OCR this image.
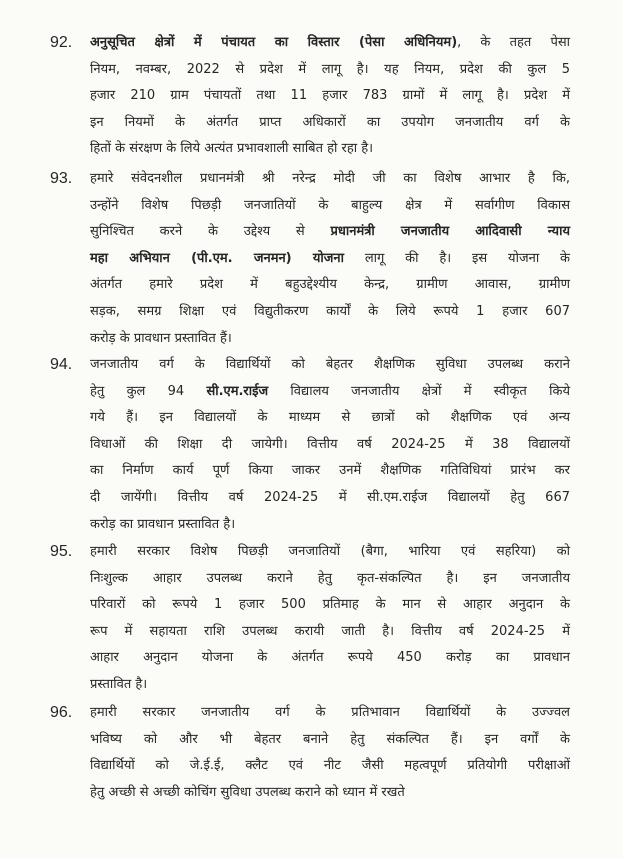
92. अनुसूचित क्षेत्रों में पंचायत का विस्तार (पेसा अधिनियम), के तहत पेसा
नियम, नवम्बर, 2022 से प्रदेश में लागू है। यह नियम, प्रदेश की कुल 5
हजार 210 ग्राम पंचायतों तथा 11 हजार 783 ग्रामों में लागू है। प्रदेश में
इन नियमों के अंतर्गत प्राप्त अधिकारों का उपयोग जनजातीय वर्ग के
हितों के संरक्षण के लिये अत्यंत प्रभावशाली साबित हो रहा है।
93. हमारे संवेदनशील प्रधानमंत्री श्री नरेन्द्र मोदी जी का विशेष आभार है कि,
उन्होंने विशेष पिछड़ी जनजातियों के बाहुल्य क्षेत्र में सर्वागीण विकास
सुनिश्चित करने के उद्देश्य से प्रधानमंत्री जनजातीय आदिवासी न्याय
महा अभियान (पी.एम. जनमन) योजना लागू की है। इस योजना के
अंतर्गत हमारे प्रदेश में बहुउद्देश्यीय केन्द्र, ग्रामीण आवास, ग्रामीण
सड़क, समग्र शिक्षा एवं विद्युतीकरण कार्यों के लिये रूपये 1 हजार 607
करोड़ के प्रावधान प्रस्तावित हैं।
94. जनजातीय वर्ग के विद्यार्थियों को बेहतर शैक्षणिक सुविधा उपलब्ध कराने
हेतु कुल 94 सी.एम.राईज विद्यालय जनजातीय क्षेत्रों में स्वीकृत किये
गये हैं। इन विद्यालयों के माध्यम से छात्रों को शैक्षणिक एवं अन्य
विधाओं की शिक्षा दी जायेगी। वित्तीय वर्ष 2024-25 में 38 विद्यालयों
का निर्माण कार्य पूर्ण किया जाकर उनमें शैक्षणिक गतिविधियां प्रारंभ कर
दी जायेंगी। वित्तीय वर्ष 2024-25 में सी.एम.राईज विद्यालयों हेतु 667
करोड़ का प्रावधान प्रस्तावित है।
95. हमारी सरकार विशेष पिछड़ी जनजातियों (बैगा, भारिया एवं सहरिया) को
निःशुल्क आहार उपलब्ध कराने हेतु कृत-संकल्पित है। इन जनजातीय
परिवारों को रूपये 1 हजार 500 प्रतिमाह के मान से आहार अनुदान के
रूप में सहायता राशि उपलब्ध करायी जाती है। वित्तीय वर्ष 2024-25 में
आहार अनुदान योजना के अंतर्गत रूपये 450 करोड़ का प्रावधान
प्रस्तावित है।
96. हमारी सरकार जनजातीय वर्ग के प्रतिभावान विद्यार्थियों के उज्ज्वल
भविष्य को और भी बेहतर बनाने हेतु संकल्पित हैं। इन वर्गों के
विद्यार्थियों को जे.ई.ई, क्लैट एवं नीट जैसी महत्वपूर्ण प्रतियोगी परीक्षाओं
हेतु अच्छी से अच्छी कोचिंग सुविधा उपलब्ध कराने को ध्यान में रखते
